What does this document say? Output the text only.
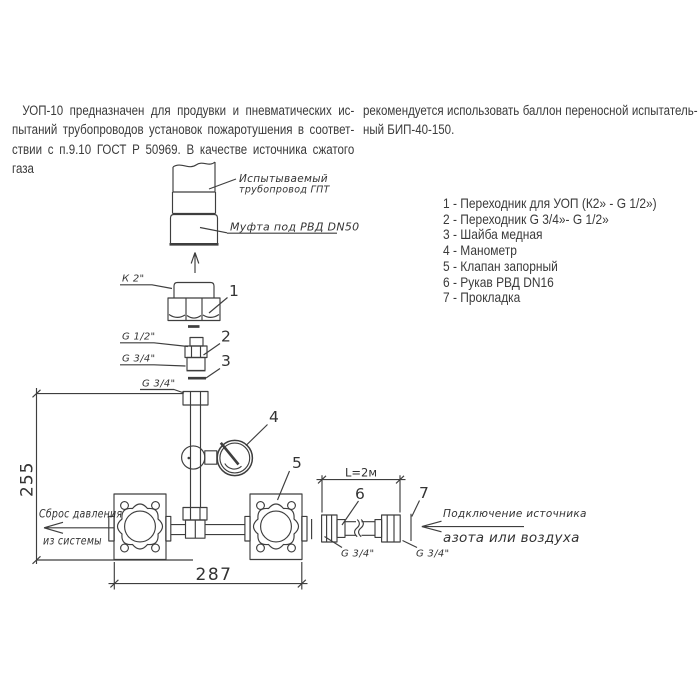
УОП-10 предназначен для продувки и пневматических ис-
пытаний трубопроводов установок пожаротушения в соответ-
ствии с п.9.10 ГОСТ Р 50969. В качестве источника сжатого газа
рекомендуется использовать баллон переносной испытатель-
ный БИП-40-150.
1 - Переходник для УОП (К2» - G 1/2»)
2 - Переходник G 3/4»- G 1/2»
3 - Шайба медная
4 - Манометр
5 - Клапан запорный
6 - Рукав РВД DN16
7 - Прокладка
Испытываемый
трубопровод ГПТ
Муфта под РВД DN50
К 2"
1
G 1/2"	2
G 3/4"	3
G 3/4"
4
5
Сброс давления
из системы
255
287
G 3/4"	G 3/4"
6	7
L=2м
Подключение источника
азота или воздуха
